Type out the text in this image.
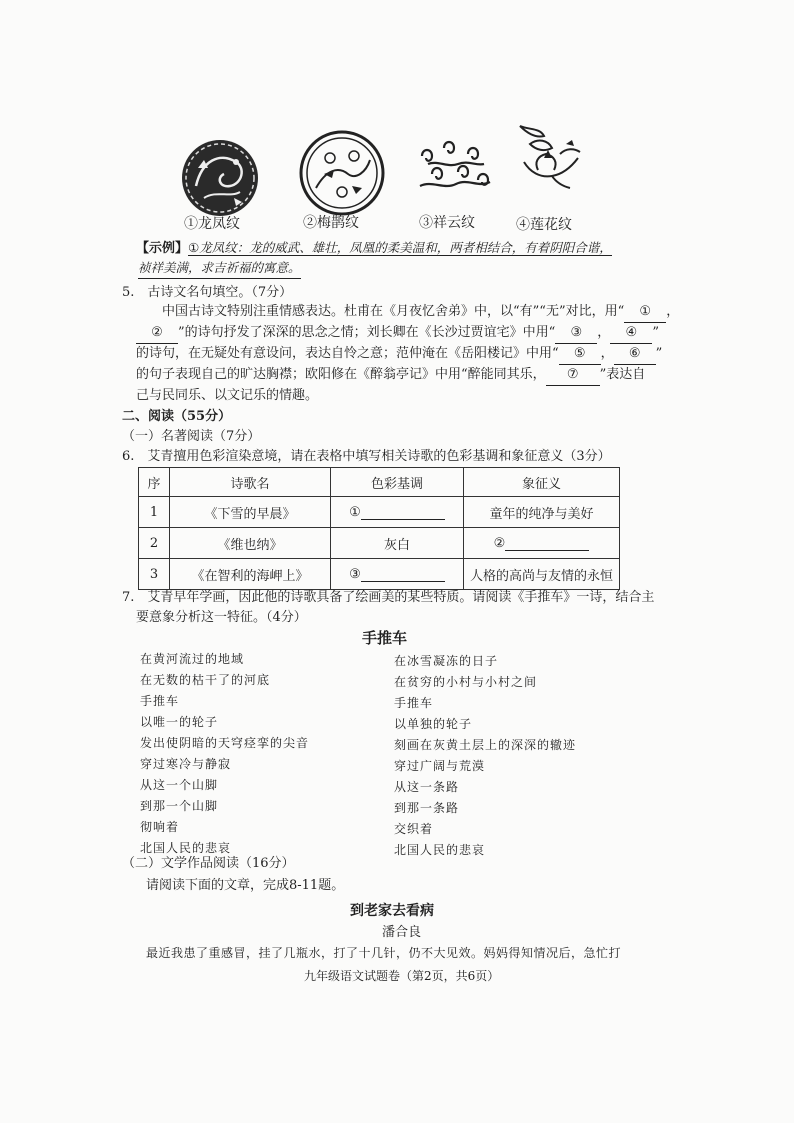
①龙凤纹	②梅鹊纹	③祥云纹	④莲花纹
【示例】①龙凤纹：龙的威武、雄壮，凤凰的柔美温和，两者相结合，有着阴阳合谐，
祯祥美满，求吉祈福的寓意。
5.　古诗文名句填空。（7分）
中国古诗文特别注重情感表达。杜甫在《月夜忆舍弟》中，以“有”“无”对比，用“ ① ，
② ”的诗句抒发了深深的思念之情；刘长卿在《长沙过贾谊宅》中用“ ③ ， ④ ”
的诗句，在无疑处有意设问，表达自怜之意；范仲淹在《岳阳楼记》中用“ ⑤ ， ⑥ ”
的句子表现自己的旷达胸襟；欧阳修在《醉翁亭记》中用“醉能同其乐， ⑦ ”表达自
己与民同乐、以文记乐的情趣。
二、阅读（55分）
（一）名著阅读（7分）
6.　艾青擅用色彩渲染意境，请在表格中填写相关诗歌的色彩基调和象征意义（3分）
序	诗歌名	色彩基调	象征义
1	《下雪的早晨》	①	童年的纯净与美好
2	《维也纳》	灰白	②
3	《在智利的海岬上》	③	人格的高尚与友情的永恒
7.　艾青早年学画，因此他的诗歌具备了绘画美的某些特质。请阅读《手推车》一诗，结合主
要意象分析这一特征。（4分）
手推车
在黄河流过的地域
在无数的枯干了的河底
手推车
以唯一的轮子
发出使阴暗的天穹痉挛的尖音
穿过寒冷与静寂
从这一个山脚
到那一个山脚
彻响着
北国人民的悲哀
在冰雪凝冻的日子
在贫穷的小村与小村之间
手推车
以单独的轮子
刻画在灰黄土层上的深深的辙迹
穿过广阔与荒漠
从这一条路
到那一条路
交织着
北国人民的悲哀
（二）文学作品阅读（16分）
请阅读下面的文章，完成8-11题。
到老家去看病
潘合良
最近我患了重感冒，挂了几瓶水，打了十几针，仍不大见效。妈妈得知情况后，急忙打
九年级语文试题卷（第2页，共6页）
